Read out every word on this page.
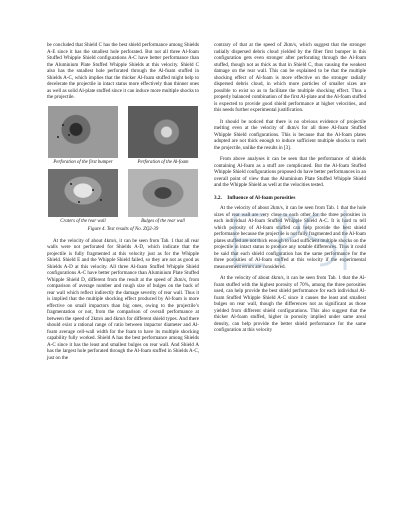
be concluded that Shield C has the best shield performance among Shields A-E since it has the smallest hole perforated. But not all three Al-foam Stuffed Whipple Shield configurations A-C have better performance than the Aluminium Plate Stuffed Whipple Shields at this velocity. Shield C also has the smallest hole perforated through the Al-foam stuffed in Shields A-C, which implies that the thicker Al-foam stuffed might help to decelerate the projectile in intact status more effectively than thinner ones as well as solid Al-plate stuffed since it can induce more multiple shocks to the projectile.

Perforation of the first bumper	Perforation of the Al-foam
Craters of the rear wall	Bulges of the rear wall
Figure 4. Test results of No. ZQ2-39

At the velocity of about 4km/s, it can be seen from Tab. 1 that all rear walls were not perforated for Shields A-D, which indicate that the projectile is fully fragmented at this velocity just as for the Whipple Shield. Shield E and the Whipple Shield failed, so they are not as good as Shields A-D at this velocity. All three Al-foam Stuffed Whipple Shield configurations A-C have better performance than Aluminium Plate Stuffed Whipple Shield D, different from the result at the speed of 2km/s, from comparison of average number and rough size of bulges on the back of rear wall which reflect indirectly the damage severity of rear wall. Thus it is implied that the multiple shocking effect produced by Al-foam is more effective on small impactors than big ones, owing to the projectile’s fragmentation or not, from the comparison of overall performance at between the speed of 2km/s and 4km/s for different shield types. And there should exist a rational range of ratio between impactor diameter and Al-foam average cell-wall width for the foam to have its multiple shocking capability fully worked. Shield A has the best performance among Shields A-C since it has the least and smallest bulges on rear wall. And Shield A has the largest hole perforated through the Al-foam stuffed in Shields A-C, just on the

contrary of that at the speed of 2km/s, which suggest that the stronger radially dispersed debris cloud yielded by the fiber first bumper in this configuration gets even stronger after perforating through the Al-foam stuffed, though not as thick as that in Shield C, thus causing the weakest damage on the rear wall. This can be explained to be that the multiple shocking effect of Al-foam is more effective on the stronger radially dispersed debris cloud, in which more particles of smaller sizes are possible to exist so as to facilitate the multiple shocking effect. Thus a properly balanced combination of the first Al-plate and the Al-foam stuffed is expected to provide good shield performance at higher velocities, and this needs further experimental justification.

It should be noticed that there is no obvious evidence of projectile melting even at the velocity of 4km/s for all three Al-foam Stuffed Whipple Shield configurations. This is because that the Al-foam plates adopted are not thick enough to induce sufficient multiple shocks to melt the projectile, unlike the results in [3].

From above analyses it can be seen that the performance of shields containing Al-foam as a stuff are complicated. But the Al-foam Stuffed Whipple Shield configurations proposed do have better performances in an overall point of view than the Aluminium Plate Stuffed Whipple Shield and the Whipple Shield as well at the velocities tested.

3.2. Influence of Al-foam porosities

At the velocity of about 2km/s, it can be seen from Tab. 1 that the hole sizes of rear wall are very close to each other for the three porosities in each individual Al-foam Stuffed Whipple Shield A-C. It is hard to tell which porosity of Al-foam stuffed can help provide the best shield performance because the projectile is not fully fragmented and the Al-foam plates stuffed are not thick enough to load sufficient multiple shocks on the projectile in intact status to produce any notable differences. Thus it could be said that each shield configuration has the same performance for the three porosities of Al-foam stuffed at this velocity if the experimental measurement errors are considered.

At the velocity of about 4km/s, it can be seen from Tab. 1 that the Al-foam stuffed with the highest porosity of 70%, among the three porosities used, can help provide the best shield performance for each individual Al-foam Stuffed Whipple Shield A-C since it causes the least and smallest bulges on rear wall, though the differences not as significant as those yielded from different shield configurations. This also suggest that the thicker Al-foam stuffed, higher in porosity implied under same areal density, can help provide the better shield performance for the same configuration at this velocity
